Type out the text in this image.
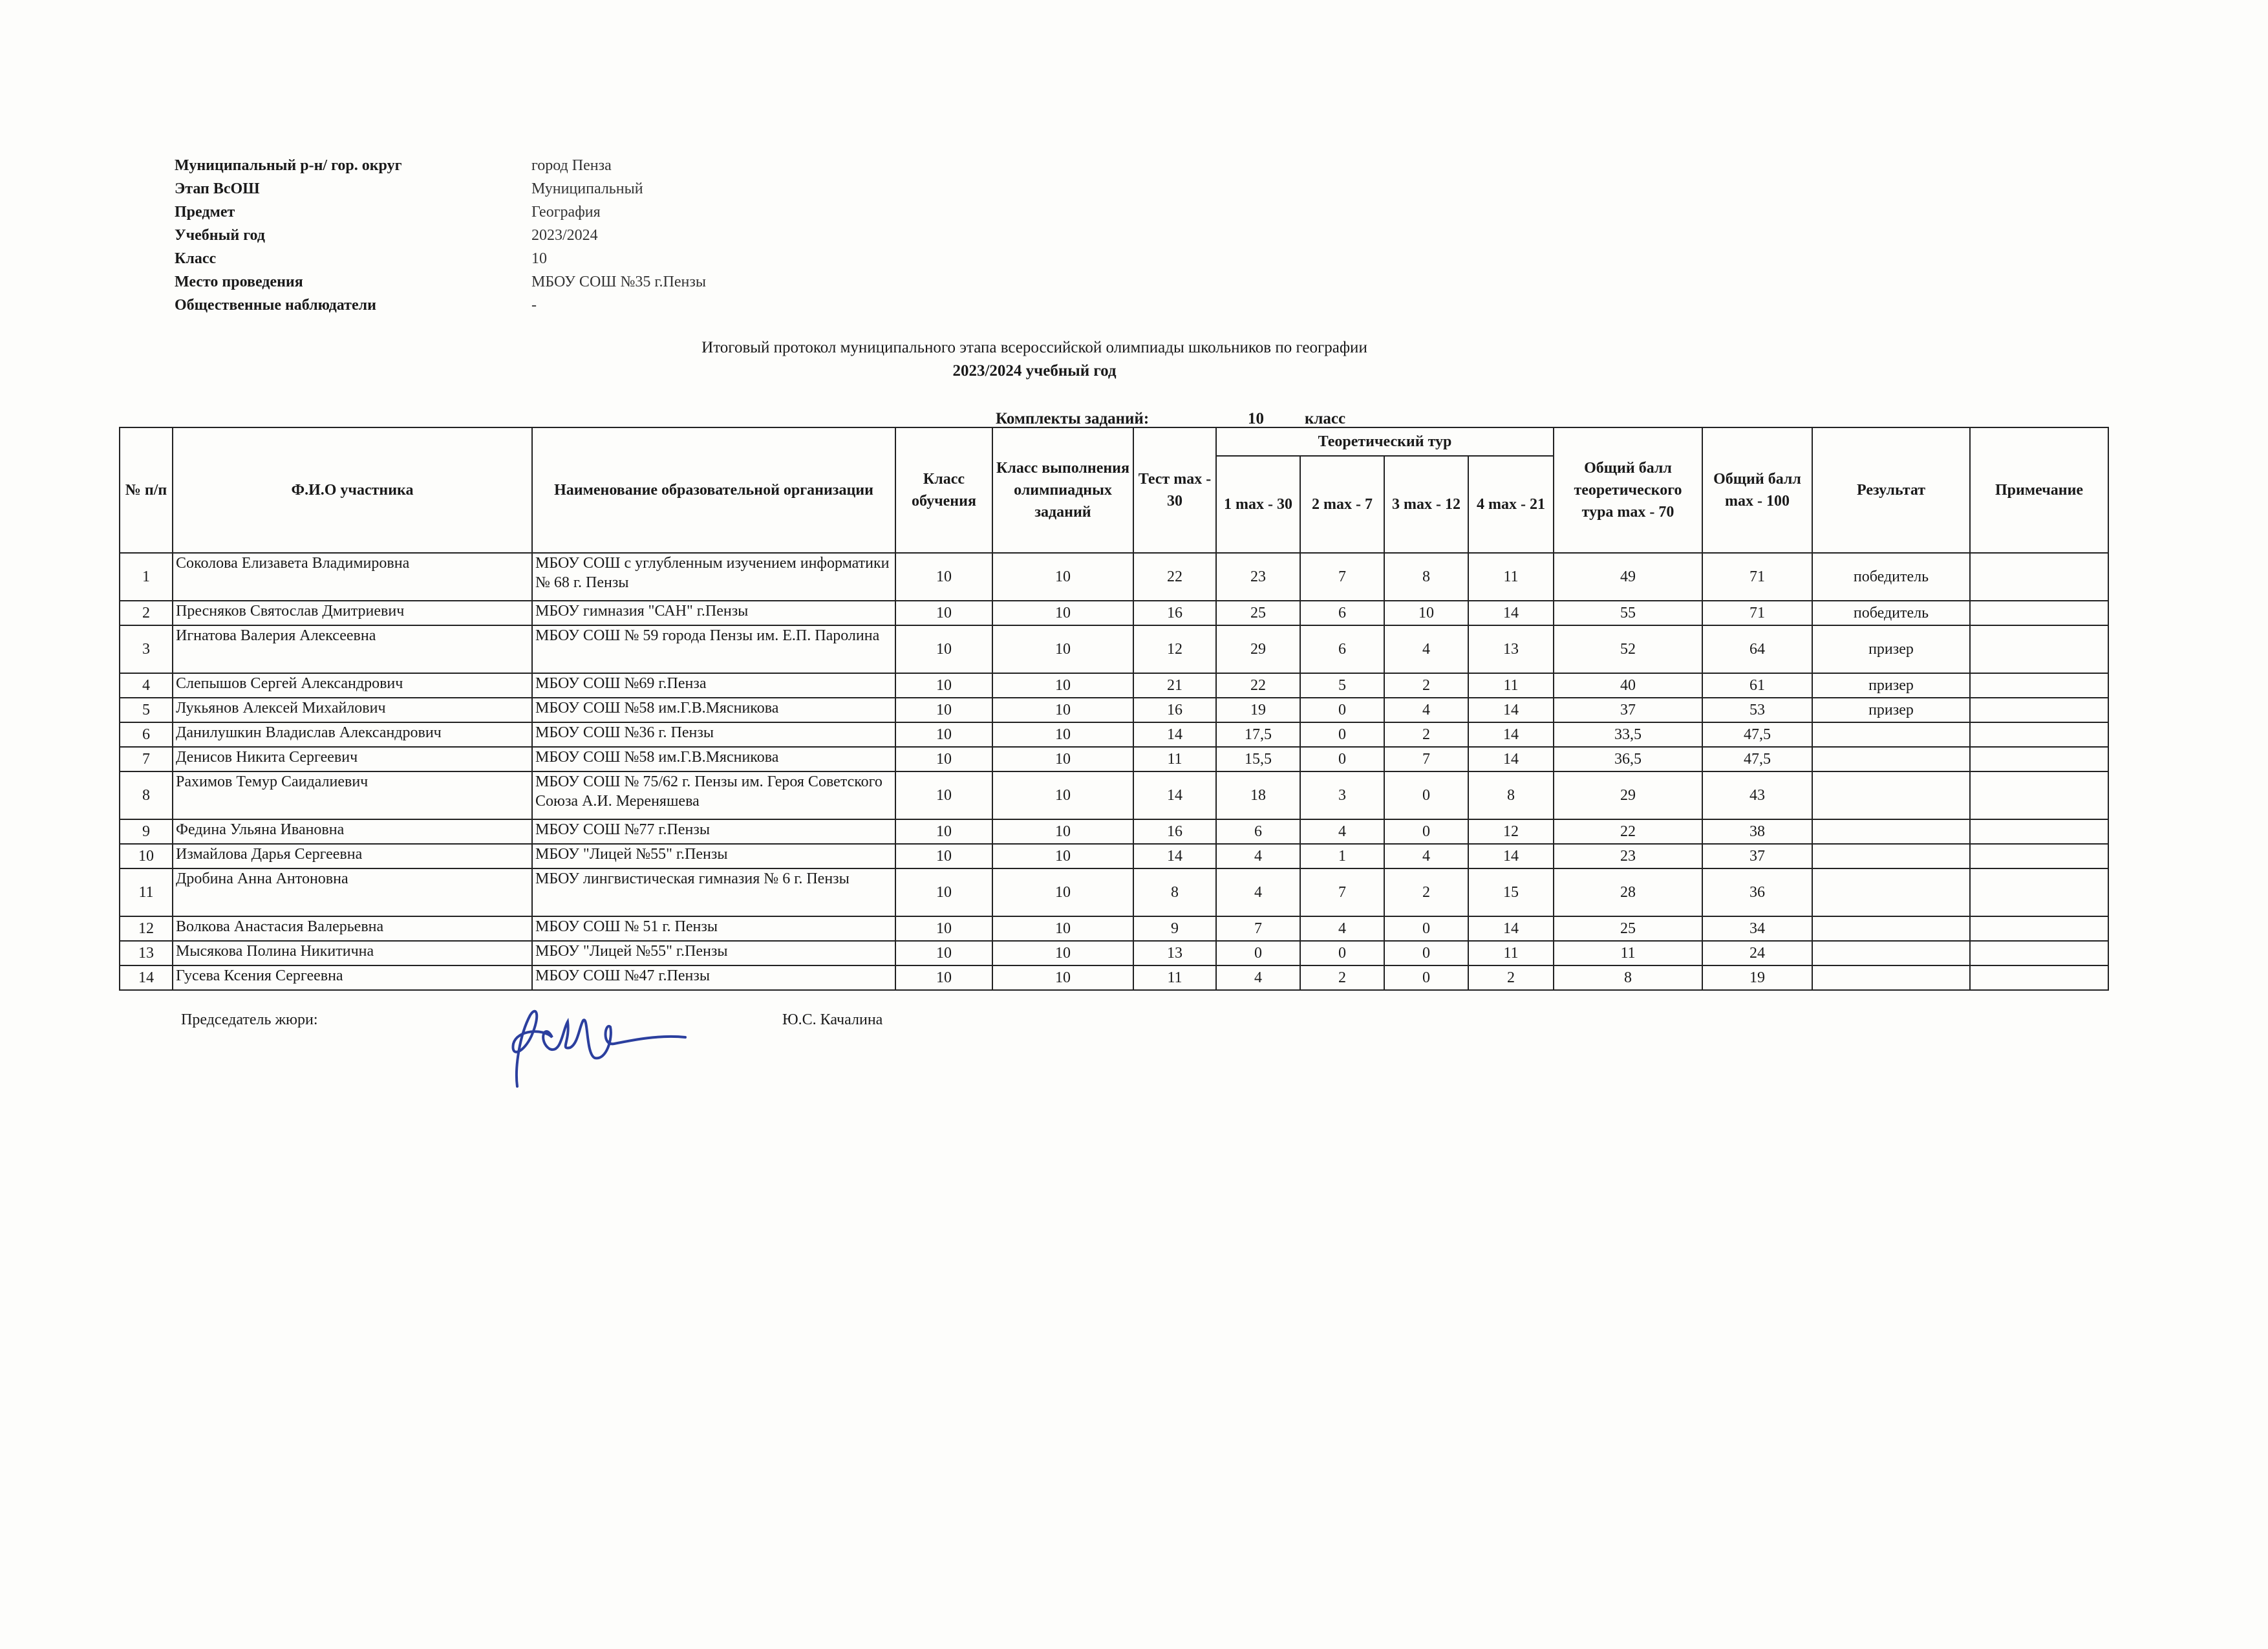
Муниципальный р-н/ гор. округ	город Пенза
Этап ВсОШ	Муниципальный
Предмет	География
Учебный год	2023/2024
Класс	10
Место проведения	МБОУ СОШ №35 г.Пензы
Общественные наблюдатели	-
Итоговый протокол муниципального этапа всероссийской олимпиады школьников по географии
2023/2024 учебный год
Комплекты заданий:	10	класс
№ п/п	Ф.И.О участника	Наименование образовательной организации	Класс обучения	Класс выполнения олимпиадных заданий	Тест max - 30	Теоретический тур				Общий балл теоретического тура max - 70	Общий балл max - 100	Результат	Примечание
						1 max - 30	2 max - 7	3 max - 12	4 max - 21				
1	Соколова Елизавета Владимировна	МБОУ СОШ с углубленным изучением информатики № 68 г. Пензы	10	10	22	23	7	8	11	49	71	победитель	
2	Пресняков Святослав Дмитриевич	МБОУ гимназия "САН" г.Пензы	10	10	16	25	6	10	14	55	71	победитель	
3	Игнатова Валерия Алексеевна	МБОУ СОШ № 59 города Пензы им. Е.П. Паролина	10	10	12	29	6	4	13	52	64	призер	
4	Слепышов Сергей Александрович	МБОУ СОШ №69 г.Пенза	10	10	21	22	5	2	11	40	61	призер	
5	Лукьянов Алексей Михайлович	МБОУ СОШ №58 им.Г.В.Мясникова	10	10	16	19	0	4	14	37	53	призер	
6	Данилушкин Владислав Александрович	МБОУ СОШ №36 г. Пензы	10	10	14	17,5	0	2	14	33,5	47,5		
7	Денисов Никита Сергеевич	МБОУ СОШ №58 им.Г.В.Мясникова	10	10	11	15,5	0	7	14	36,5	47,5		
8	Рахимов Темур Саидалиевич	МБОУ СОШ № 75/62 г. Пензы им. Героя Советского Союза А.И. Мереняшева	10	10	14	18	3	0	8	29	43		
9	Федина Ульяна Ивановна	МБОУ СОШ №77 г.Пензы	10	10	16	6	4	0	12	22	38		
10	Измайлова Дарья Сергеевна	МБОУ "Лицей №55" г.Пензы	10	10	14	4	1	4	14	23	37		
11	Дробина Анна Антоновна	МБОУ лингвистическая гимназия № 6 г. Пензы	10	10	8	4	7	2	15	28	36		
12	Волкова Анастасия Валерьевна	МБОУ СОШ № 51 г. Пензы	10	10	9	7	4	0	14	25	34		
13	Мысякова Полина Никитична	МБОУ "Лицей №55" г.Пензы	10	10	13	0	0	0	11	11	24		
14	Гусева Ксения Сергеевна	МБОУ СОШ №47 г.Пензы	10	10	11	4	2	0	2	8	19		
Председатель жюри:	Ю.С. Качалина
